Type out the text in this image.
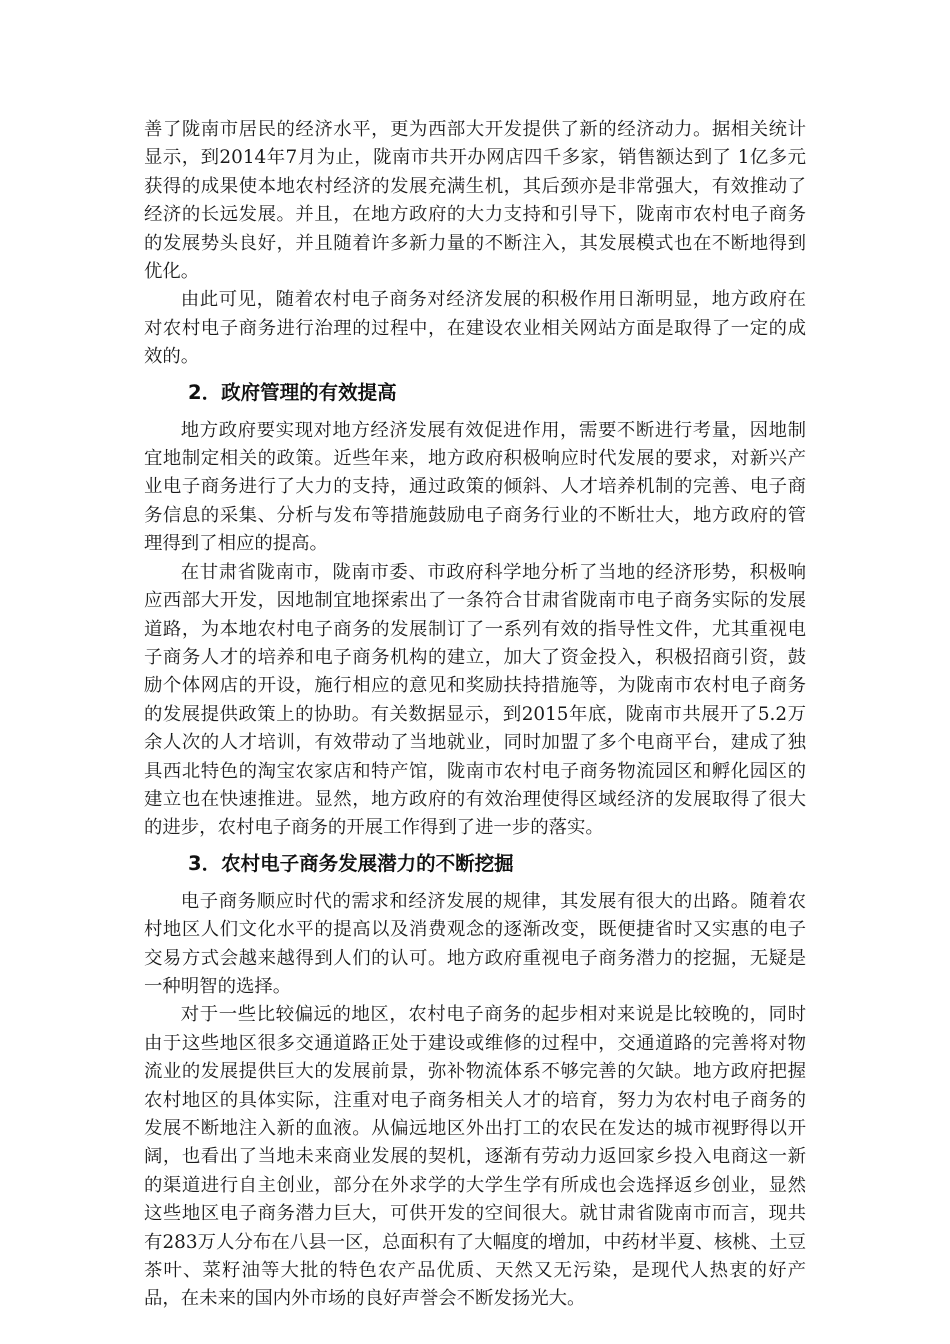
善了陇南市居民的经济水平，更为西部大开发提供了新的经济动力。据相关统计显示，到2014年7月为止，陇南市共开办网店四千多家，销售额达到了 1亿多元获得的成果使本地农村经济的发展充满生机，其后颈亦是非常强大，有效推动了经济的长远发展。并且，在地方政府的大力支持和引导下，陇南市农村电子商务的发展势头良好，并且随着许多新力量的不断注入，其发展模式也在不断地得到优化。

由此可见，随着农村电子商务对经济发展的积极作用日渐明显，地方政府在对农村电子商务进行治理的过程中，在建设农业相关网站方面是取得了一定的成效的。

2．政府管理的有效提高

地方政府要实现对地方经济发展有效促进作用，需要不断进行考量，因地制宜地制定相关的政策。近些年来，地方政府积极响应时代发展的要求，对新兴产业电子商务进行了大力的支持，通过政策的倾斜、人才培养机制的完善、电子商务信息的采集、分析与发布等措施鼓励电子商务行业的不断壮大，地方政府的管理得到了相应的提高。

在甘肃省陇南市，陇南市委、市政府科学地分析了当地的经济形势，积极响应西部大开发，因地制宜地探索出了一条符合甘肃省陇南市电子商务实际的发展道路，为本地农村电子商务的发展制订了一系列有效的指导性文件，尤其重视电子商务人才的培养和电子商务机构的建立，加大了资金投入，积极招商引资，鼓励个体网店的开设，施行相应的意见和奖励扶持措施等，为陇南市农村电子商务的发展提供政策上的协助。有关数据显示，到2015年底，陇南市共展开了5.2万余人次的人才培训，有效带动了当地就业，同时加盟了多个电商平台，建成了独具西北特色的淘宝农家店和特产馆，陇南市农村电子商务物流园区和孵化园区的建立也在快速推进。显然，地方政府的有效治理使得区域经济的发展取得了很大的进步，农村电子商务的开展工作得到了进一步的落实。

3．农村电子商务发展潜力的不断挖掘

电子商务顺应时代的需求和经济发展的规律，其发展有很大的出路。随着农村地区人们文化水平的提高以及消费观念的逐渐改变，既便捷省时又实惠的电子交易方式会越来越得到人们的认可。地方政府重视电子商务潜力的挖掘，无疑是一种明智的选择。

对于一些比较偏远的地区，农村电子商务的起步相对来说是比较晚的，同时由于这些地区很多交通道路正处于建设或维修的过程中，交通道路的完善将对物流业的发展提供巨大的发展前景，弥补物流体系不够完善的欠缺。地方政府把握农村地区的具体实际，注重对电子商务相关人才的培育，努力为农村电子商务的发展不断地注入新的血液。从偏远地区外出打工的农民在发达的城市视野得以开阔，也看出了当地未来商业发展的契机，逐渐有劳动力返回家乡投入电商这一新的渠道进行自主创业，部分在外求学的大学生学有所成也会选择返乡创业，显然这些地区电子商务潜力巨大，可供开发的空间很大。就甘肃省陇南市而言，现共有283万人分布在八县一区，总面积有了大幅度的增加，中药材半夏、核桃、土豆茶叶、菜籽油等大批的特色农产品优质、天然又无污染，是现代人热衷的好产品，在未来的国内外市场的良好声誉会不断发扬光大。
